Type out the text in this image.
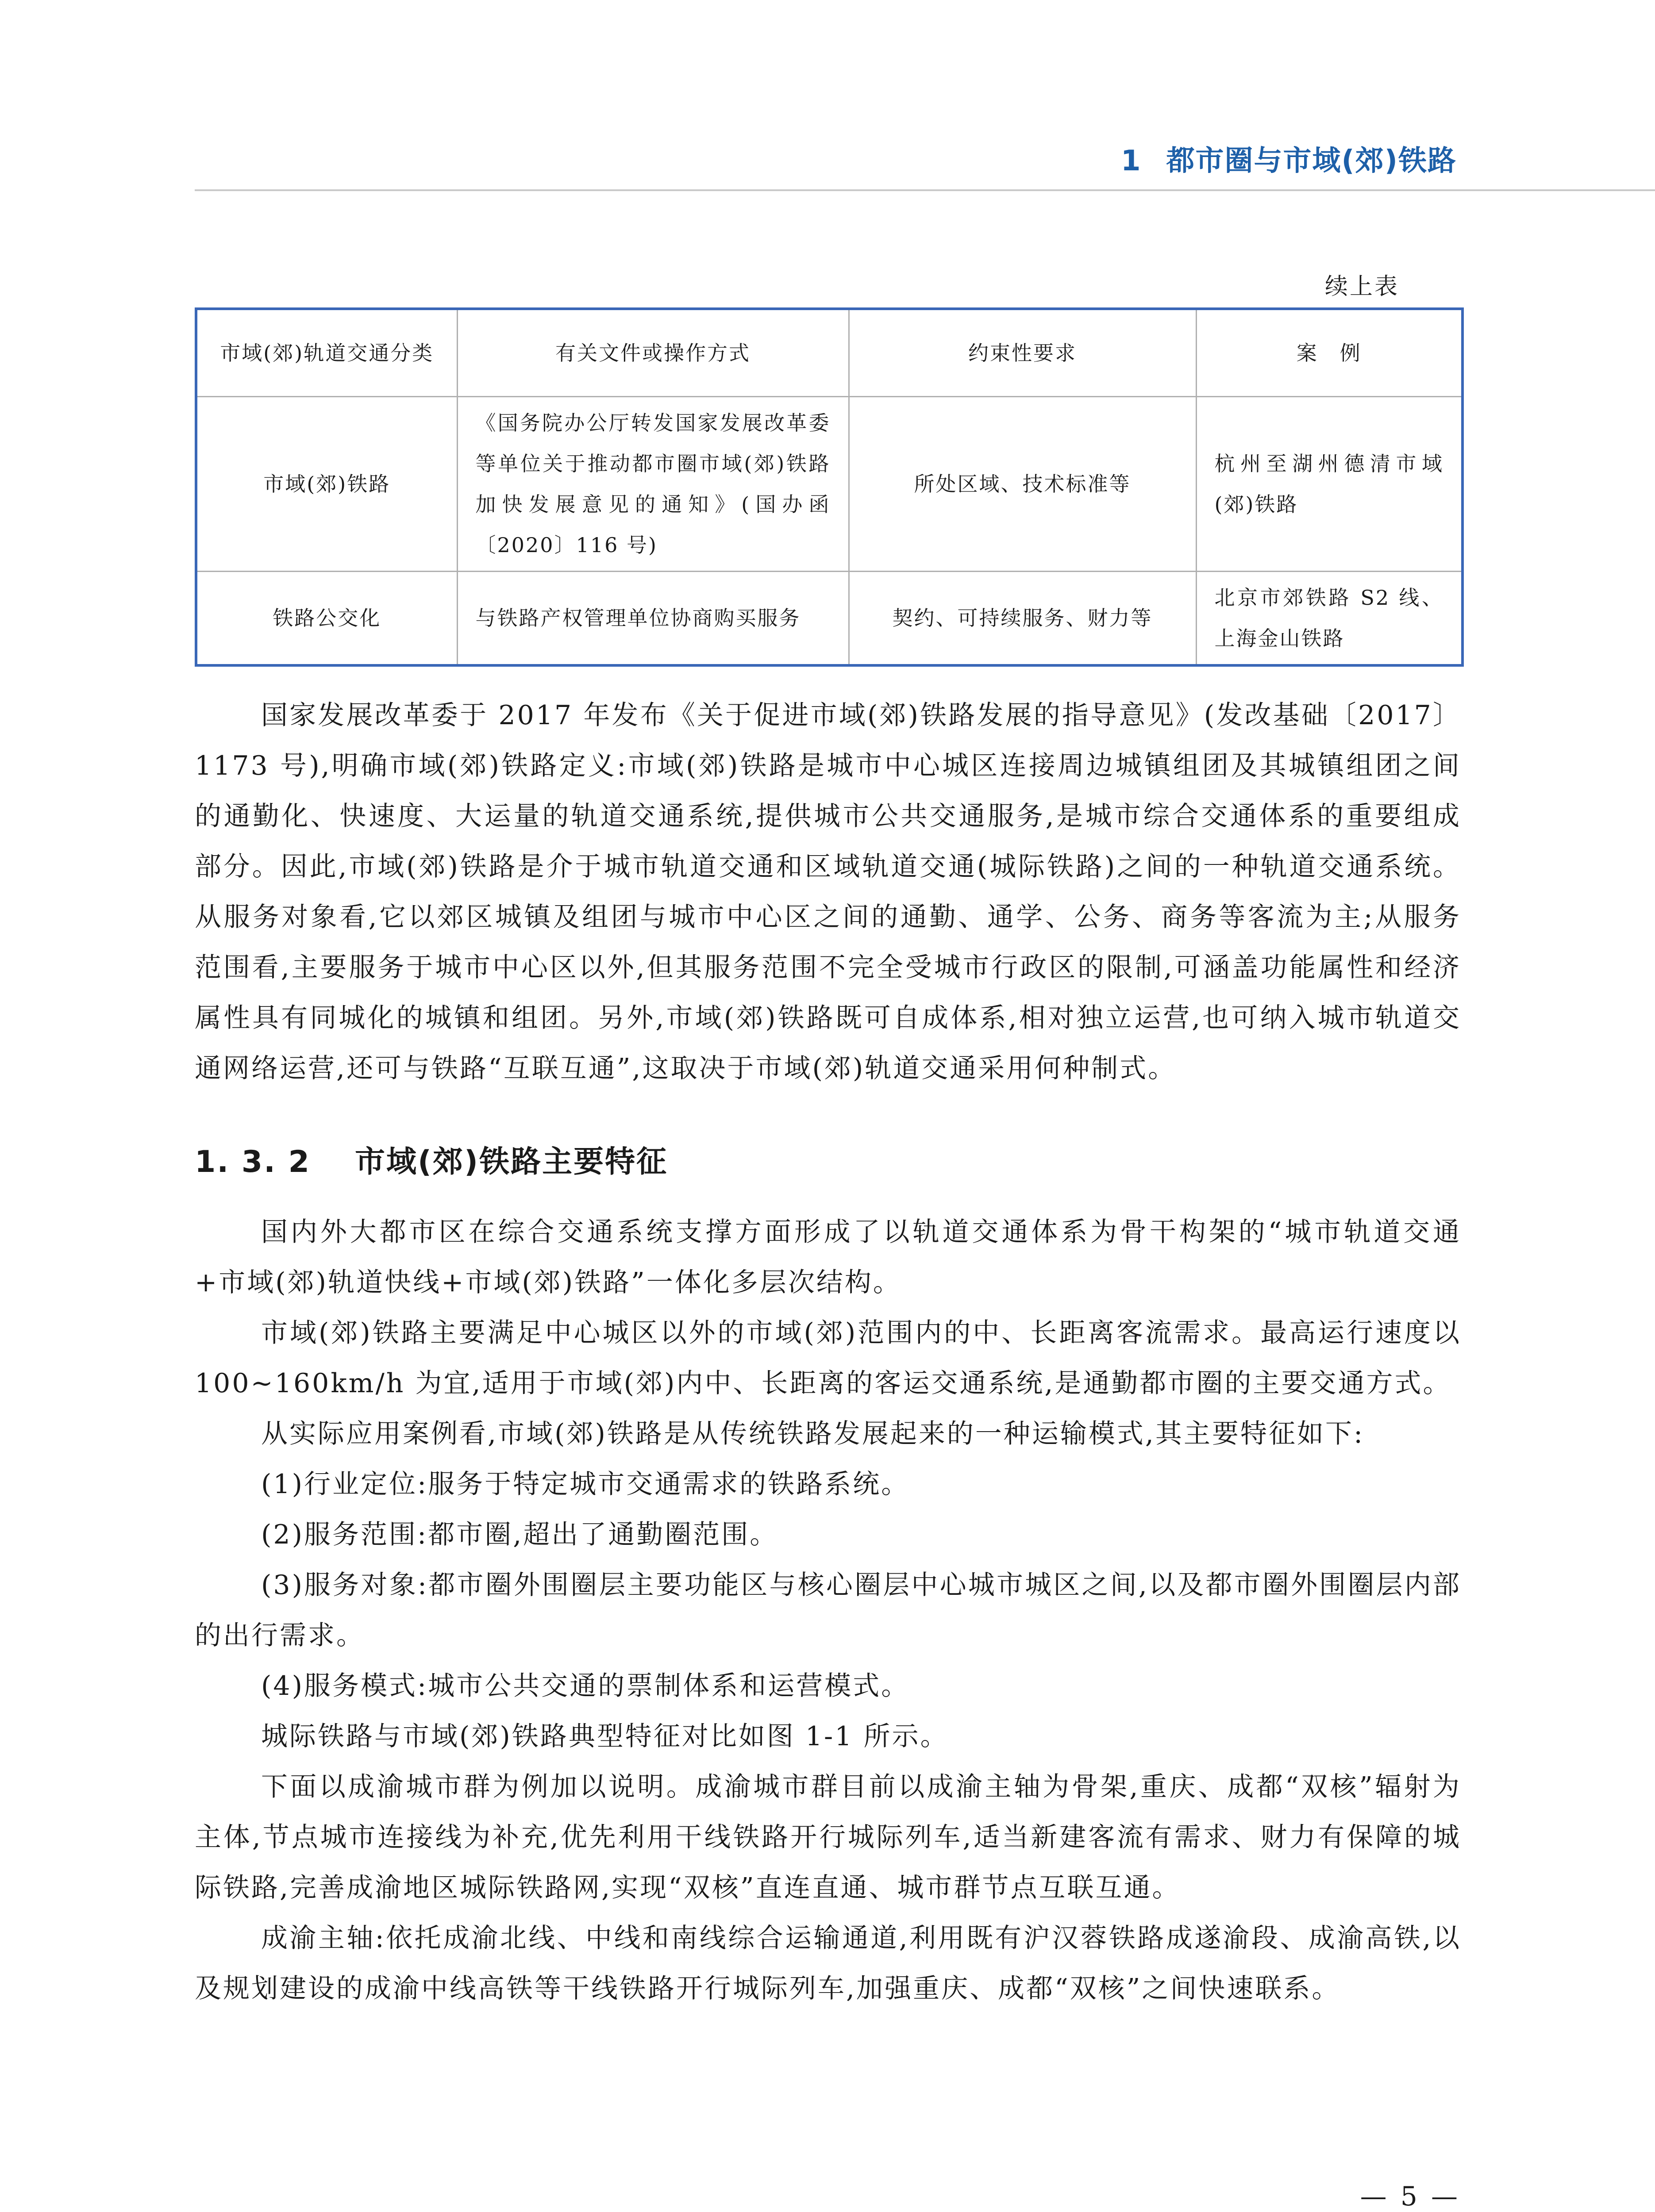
1 都市圈与市域(郊)铁路
续上表
市域(郊)轨道交通分类	有关文件或操作方式	约束性要求	案　例
市域(郊)铁路	《国务院办公厅转发国家发展改革委等单位关于推动都市圈市域(郊)铁路加快发展意见的通知》(国办函〔2020〕116 号)	所处区域、技术标准等	杭州至湖州德清市域(郊)铁路
铁路公交化	与铁路产权管理单位协商购买服务	契约、可持续服务、财力等	北京市郊铁路 S2 线、上海金山铁路

国家发展改革委于 2017 年发布《关于促进市域(郊)铁路发展的指导意见》(发改基础〔2017〕1173 号),明确市域(郊)铁路定义:市域(郊)铁路是城市中心城区连接周边城镇组团及其城镇组团之间的通勤化、快速度、大运量的轨道交通系统,提供城市公共交通服务,是城市综合交通体系的重要组成部分。因此,市域(郊)铁路是介于城市轨道交通和区域轨道交通(城际铁路)之间的一种轨道交通系统。从服务对象看,它以郊区城镇及组团与城市中心区之间的通勤、通学、公务、商务等客流为主;从服务范围看,主要服务于城市中心区以外,但其服务范围不完全受城市行政区的限制,可涵盖功能属性和经济属性具有同城化的城镇和组团。另外,市域(郊)铁路既可自成体系,相对独立运营,也可纳入城市轨道交通网络运营,还可与铁路“互联互通”,这取决于市域(郊)轨道交通采用何种制式。

1. 3. 2 市域(郊)铁路主要特征

国内外大都市区在综合交通系统支撑方面形成了以轨道交通体系为骨干构架的“城市轨道交通+市域(郊)轨道快线+市域(郊)铁路”一体化多层次结构。

市域(郊)铁路主要满足中心城区以外的市域(郊)范围内的中、长距离客流需求。最高运行速度以 100~160km/h 为宜,适用于市域(郊)内中、长距离的客运交通系统,是通勤都市圈的主要交通方式。

从实际应用案例看,市域(郊)铁路是从传统铁路发展起来的一种运输模式,其主要特征如下:

(1)行业定位:服务于特定城市交通需求的铁路系统。

(2)服务范围:都市圈,超出了通勤圈范围。

(3)服务对象:都市圈外围圈层主要功能区与核心圈层中心城市城区之间,以及都市圈外围圈层内部的出行需求。

(4)服务模式:城市公共交通的票制体系和运营模式。

城际铁路与市域(郊)铁路典型特征对比如图 1-1 所示。

下面以成渝城市群为例加以说明。成渝城市群目前以成渝主轴为骨架,重庆、成都“双核”辐射为主体,节点城市连接线为补充,优先利用干线铁路开行城际列车,适当新建客流有需求、财力有保障的城际铁路,完善成渝地区城际铁路网,实现“双核”直连直通、城市群节点互联互通。

成渝主轴:依托成渝北线、中线和南线综合运输通道,利用既有沪汉蓉铁路成遂渝段、成渝高铁,以及规划建设的成渝中线高铁等干线铁路开行城际列车,加强重庆、成都“双核”之间快速联系。

— 5 —
